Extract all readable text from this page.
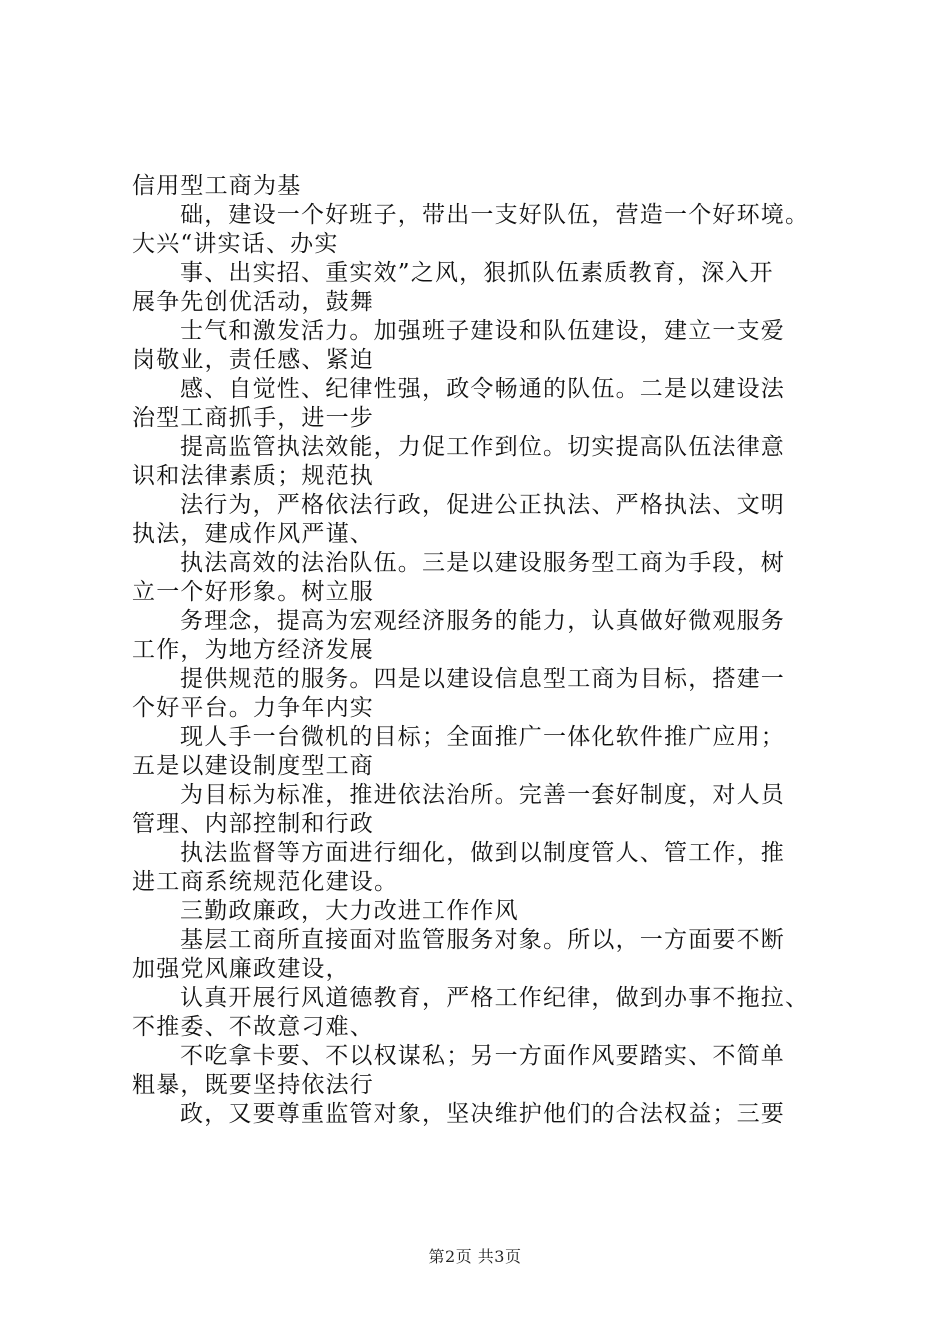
信用型工商为基
础，建设一个好班子，带出一支好队伍，营造一个好环境。
大兴“讲实话、办实
事、出实招、重实效”之风，狠抓队伍素质教育，深入开
展争先创优活动，鼓舞
士气和激发活力。加强班子建设和队伍建设，建立一支爱
岗敬业，责任感、紧迫
感、自觉性、纪律性强，政令畅通的队伍。二是以建设法
治型工商抓手，进一步
提高监管执法效能，力促工作到位。切实提高队伍法律意
识和法律素质；规范执
法行为，严格依法行政，促进公正执法、严格执法、文明
执法，建成作风严谨、
执法高效的法治队伍。三是以建设服务型工商为手段，树
立一个好形象。树立服
务理念，提高为宏观经济服务的能力，认真做好微观服务
工作，为地方经济发展
提供规范的服务。四是以建设信息型工商为目标，搭建一
个好平台。力争年内实
现人手一台微机的目标；全面推广一体化软件推广应用；
五是以建设制度型工商
为目标为标准，推进依法治所。完善一套好制度，对人员
管理、内部控制和行政
执法监督等方面进行细化，做到以制度管人、管工作，推
进工商系统规范化建设。
三勤政廉政，大力改进工作作风
基层工商所直接面对监管服务对象。所以，一方面要不断
加强党风廉政建设，
认真开展行风道德教育，严格工作纪律，做到办事不拖拉、
不推委、不故意刁难、
不吃拿卡要、不以权谋私；另一方面作风要踏实、不简单
粗暴，既要坚持依法行
政，又要尊重监管对象，坚决维护他们的合法权益；三要
第2页 共3页
